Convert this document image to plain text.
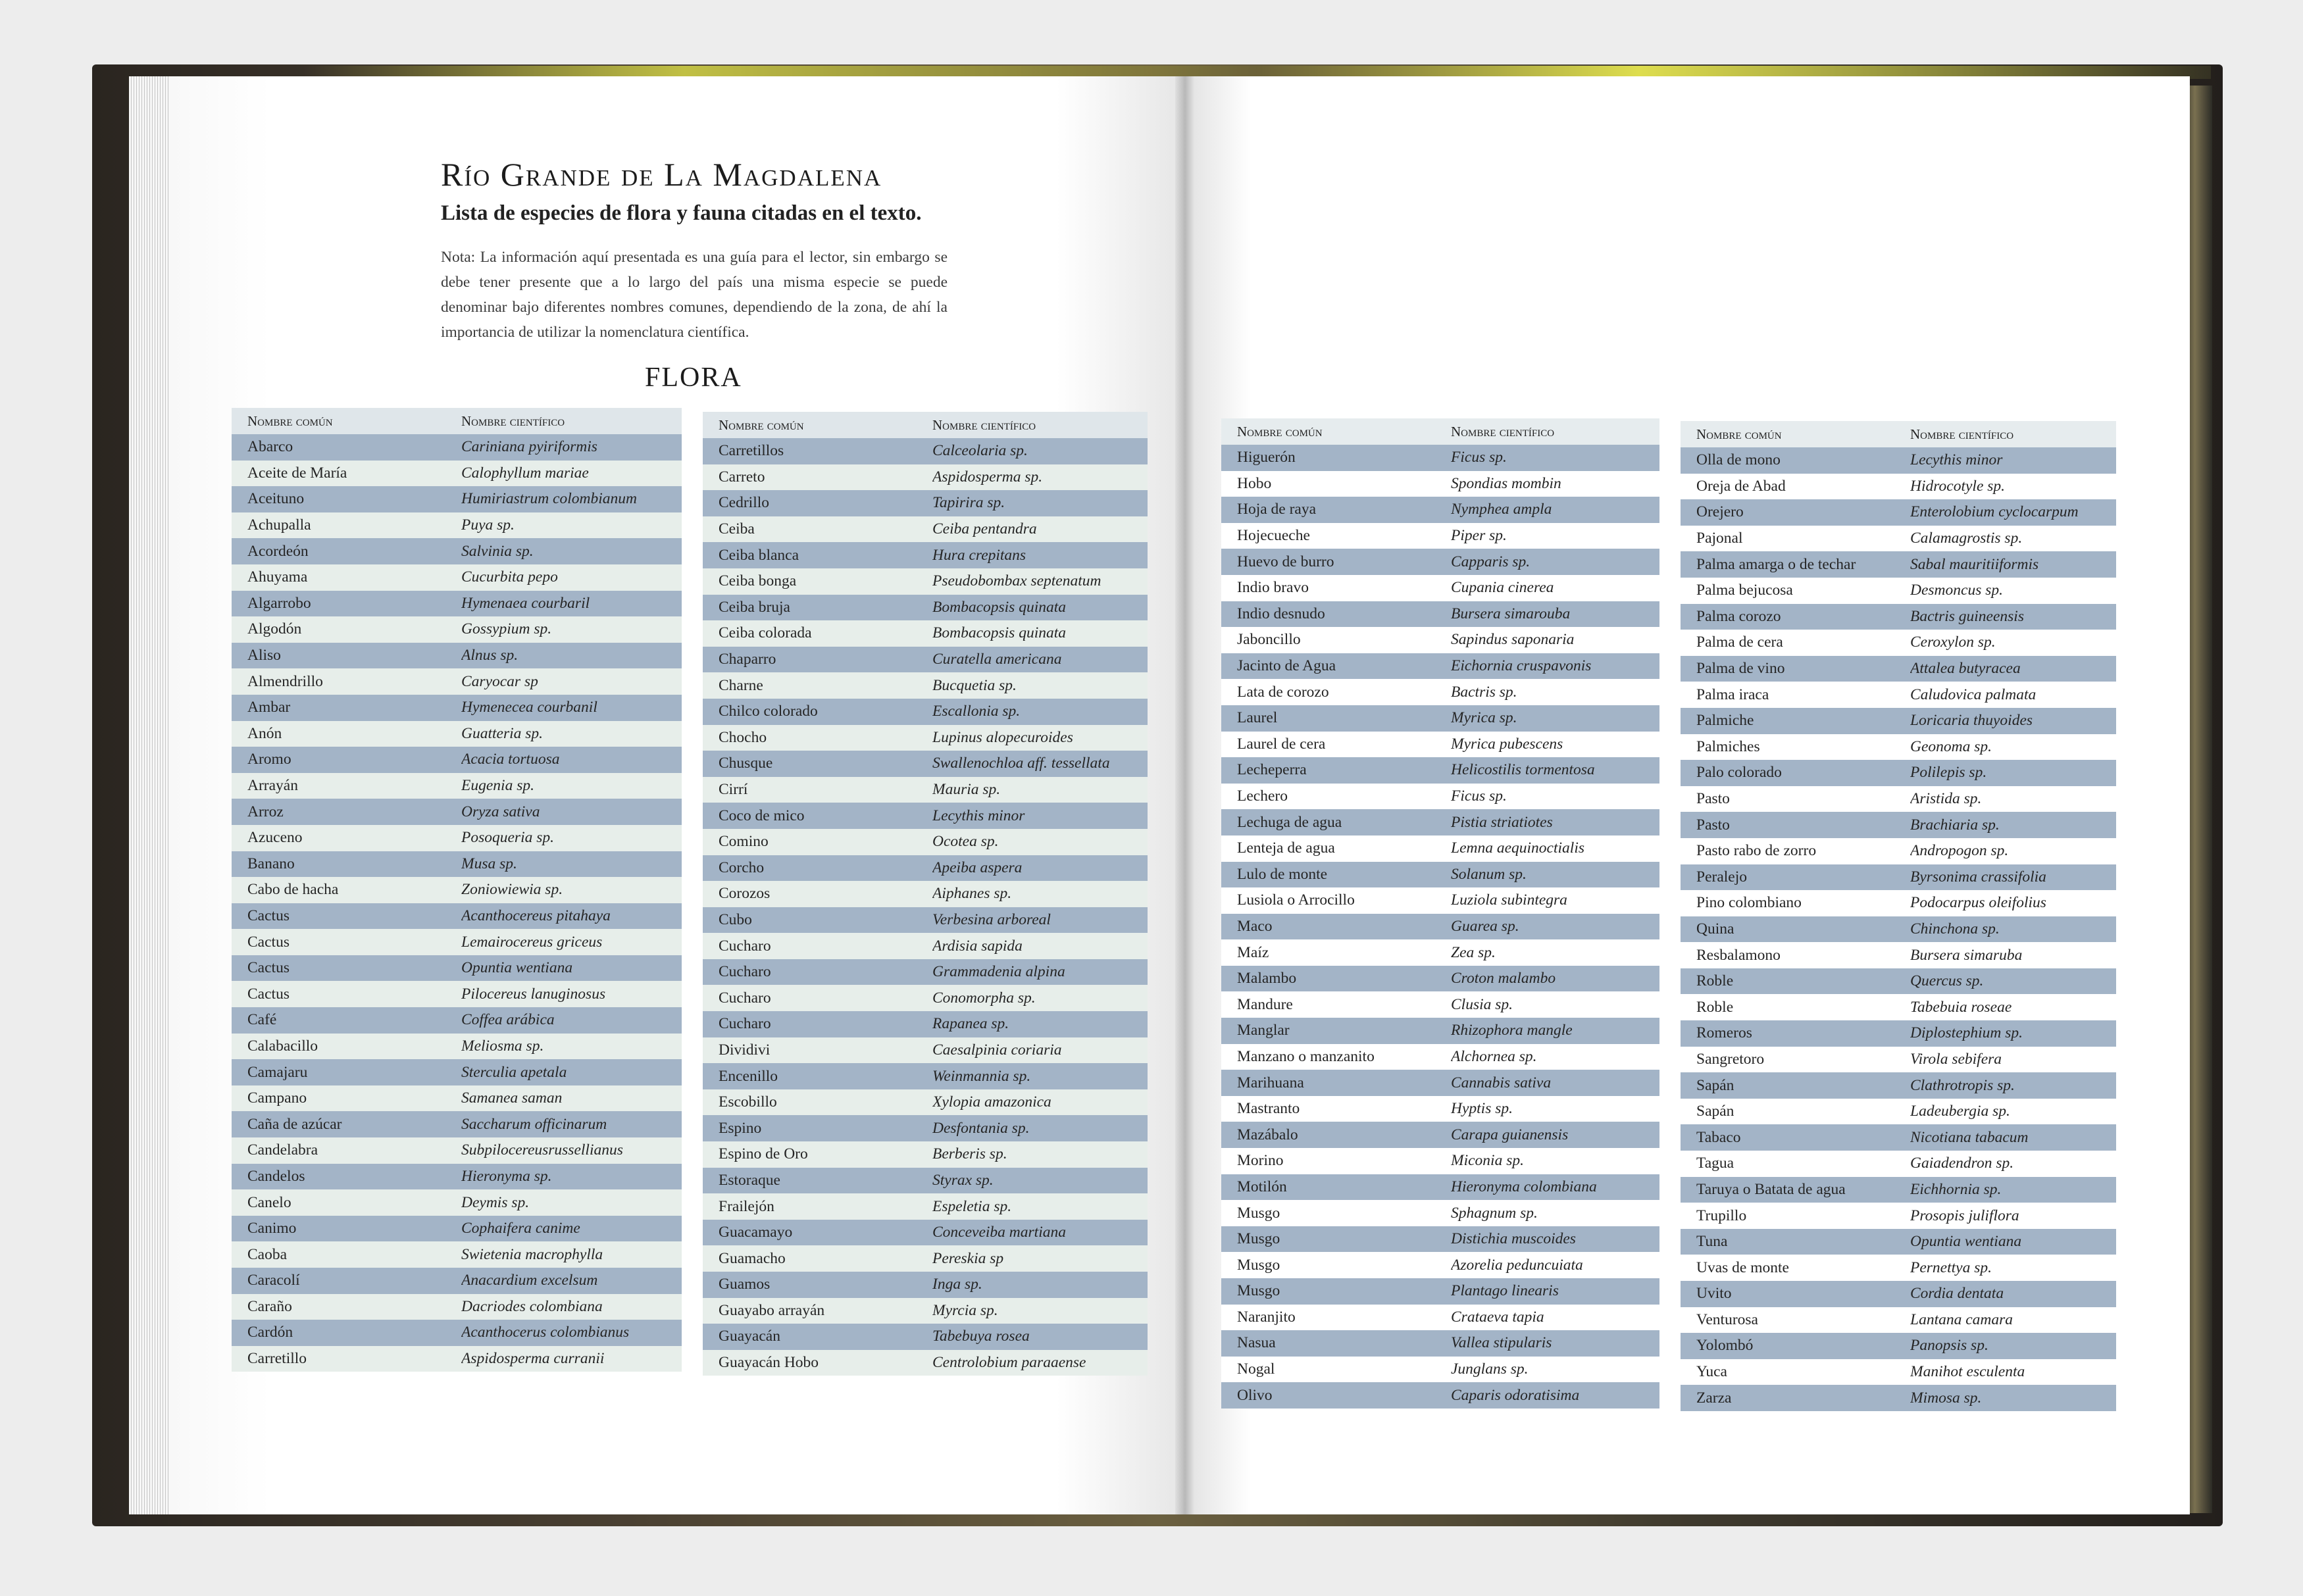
Río Grande de La Magdalena
Lista de especies de flora y fauna citadas en el texto.

Nota: La información aquí presentada es una guía para el lector, sin embargo se debe tener presente que a lo largo del país una misma especie se puede denominar bajo diferentes nombres comunes, dependiendo de la zona, de ahí la importancia de utilizar la nomenclatura científica.

FLORA
Nombre común	Nombre científico
Abarco	Cariniana pyiriformis
Aceite de María	Calophyllum mariae
Aceituno	Humiriastrum colombianum
Achupalla	Puya sp.
Acordeón	Salvinia sp.
Ahuyama	Cucurbita pepo
Algarrobo	Hymenaea courbaril
Algodón	Gossypium sp.
Aliso	Alnus sp.
Almendrillo	Caryocar sp
Ambar	Hymenecea courbanil
Anón	Guatteria sp.
Aromo	Acacia tortuosa
Arrayán	Eugenia sp.
Arroz	Oryza sativa
Azuceno	Posoqueria sp.
Banano	Musa sp.
Cabo de hacha	Zoniowiewia sp.
Cactus	Acanthocereus pitahaya
Cactus	Lemairocereus griceus
Cactus	Opuntia wentiana
Cactus	Pilocereus lanuginosus
Café	Coffea arábica
Calabacillo	Meliosma sp.
Camajaru	Sterculia apetala
Campano	Samanea saman
Caña de azúcar	Saccharum officinarum
Candelabra	Subpilocereusrussellianus
Candelos	Hieronyma sp.
Canelo	Deymis sp.
Canimo	Cophaifera canime
Caoba	Swietenia macrophylla
Caracolí	Anacardium excelsum
Caraño	Dacriodes colombiana
Cardón	Acanthocerus colombianus
Carretillo	Aspidosperma curranii
Nombre común	Nombre científico
Carretillos	Calceolaria sp.
Carreto	Aspidosperma sp.
Cedrillo	Tapirira sp.
Ceiba	Ceiba pentandra
Ceiba blanca	Hura crepitans
Ceiba bonga	Pseudobombax septenatum
Ceiba bruja	Bombacopsis quinata
Ceiba colorada	Bombacopsis quinata
Chaparro	Curatella americana
Charne	Bucquetia sp.
Chilco colorado	Escallonia sp.
Chocho	Lupinus alopecuroides
Chusque	Swallenochloa aff. tessellata
Cirrí	Mauria sp.
Coco de mico	Lecythis minor
Comino	Ocotea sp.
Corcho	Apeiba aspera
Corozos	Aiphanes sp.
Cubo	Verbesina arboreal
Cucharo	Ardisia sapida
Cucharo	Grammadenia alpina
Cucharo	Conomorpha sp.
Cucharo	Rapanea sp.
Dividivi	Caesalpinia coriaria
Encenillo	Weinmannia sp.
Escobillo	Xylopia amazonica
Espino	Desfontania sp.
Espino de Oro	Berberis sp.
Estoraque	Styrax sp.
Frailejón	Espeletia sp.
Guacamayo	Conceveiba martiana
Guamacho	Pereskia sp
Guamos	Inga sp.
Guayabo arrayán	Myrcia sp.
Guayacán	Tabebuya rosea
Guayacán Hobo	Centrolobium paraaense
Nombre común	Nombre científico
Higuerón	Ficus sp.
Hobo	Spondias mombin
Hoja de raya	Nymphea ampla
Hojecueche	Piper sp.
Huevo de burro	Capparis sp.
Indio bravo	Cupania cinerea
Indio desnudo	Bursera simarouba
Jaboncillo	Sapindus saponaria
Jacinto de Agua	Eichornia cruspavonis
Lata de corozo	Bactris sp.
Laurel	Myrica sp.
Laurel de cera	Myrica pubescens
Lecheperra	Helicostilis tormentosa
Lechero	Ficus sp.
Lechuga de agua	Pistia striatiotes
Lenteja de agua	Lemna aequinoctialis
Lulo de monte	Solanum sp.
Lusiola o Arrocillo	Luziola subintegra
Maco	Guarea sp.
Maíz	Zea sp.
Malambo	Croton malambo
Mandure	Clusia sp.
Manglar	Rhizophora mangle
Manzano o manzanito	Alchornea sp.
Marihuana	Cannabis sativa
Mastranto	Hyptis sp.
Mazábalo	Carapa guianensis
Morino	Miconia sp.
Motilón	Hieronyma colombiana
Musgo	Sphagnum sp.
Musgo	Distichia muscoides
Musgo	Azorelia peduncuiata
Musgo	Plantago linearis
Naranjito	Crataeva tapia
Nasua	Vallea stipularis
Nogal	Junglans sp.
Olivo	Caparis odoratisima
Nombre común	Nombre científico
Olla de mono	Lecythis minor
Oreja de Abad	Hidrocotyle sp.
Orejero	Enterolobium cyclocarpum
Pajonal	Calamagrostis sp.
Palma amarga o de techar	Sabal mauritiiformis
Palma bejucosa	Desmoncus sp.
Palma corozo	Bactris guineensis
Palma de cera	Ceroxylon sp.
Palma de vino	Attalea butyracea
Palma iraca	Caludovica palmata
Palmiche	Loricaria thuyoides
Palmiches	Geonoma sp.
Palo colorado	Polilepis sp.
Pasto	Aristida sp.
Pasto	Brachiaria sp.
Pasto rabo de zorro	Andropogon sp.
Peralejo	Byrsonima crassifolia
Pino colombiano	Podocarpus oleifolius
Quina	Chinchona sp.
Resbalamono	Bursera simaruba
Roble	Quercus sp.
Roble	Tabebuia roseae
Romeros	Diplostephium sp.
Sangretoro	Virola sebifera
Sapán	Clathrotropis sp.
Sapán	Ladeubergia sp.
Tabaco	Nicotiana tabacum
Tagua	Gaiadendron sp.
Taruya o Batata de agua	Eichhornia sp.
Trupillo	Prosopis juliflora
Tuna	Opuntia wentiana
Uvas de monte	Pernettya sp.
Uvito	Cordia dentata
Venturosa	Lantana camara
Yolombó	Panopsis sp.
Yuca	Manihot esculenta
Zarza	Mimosa sp.
